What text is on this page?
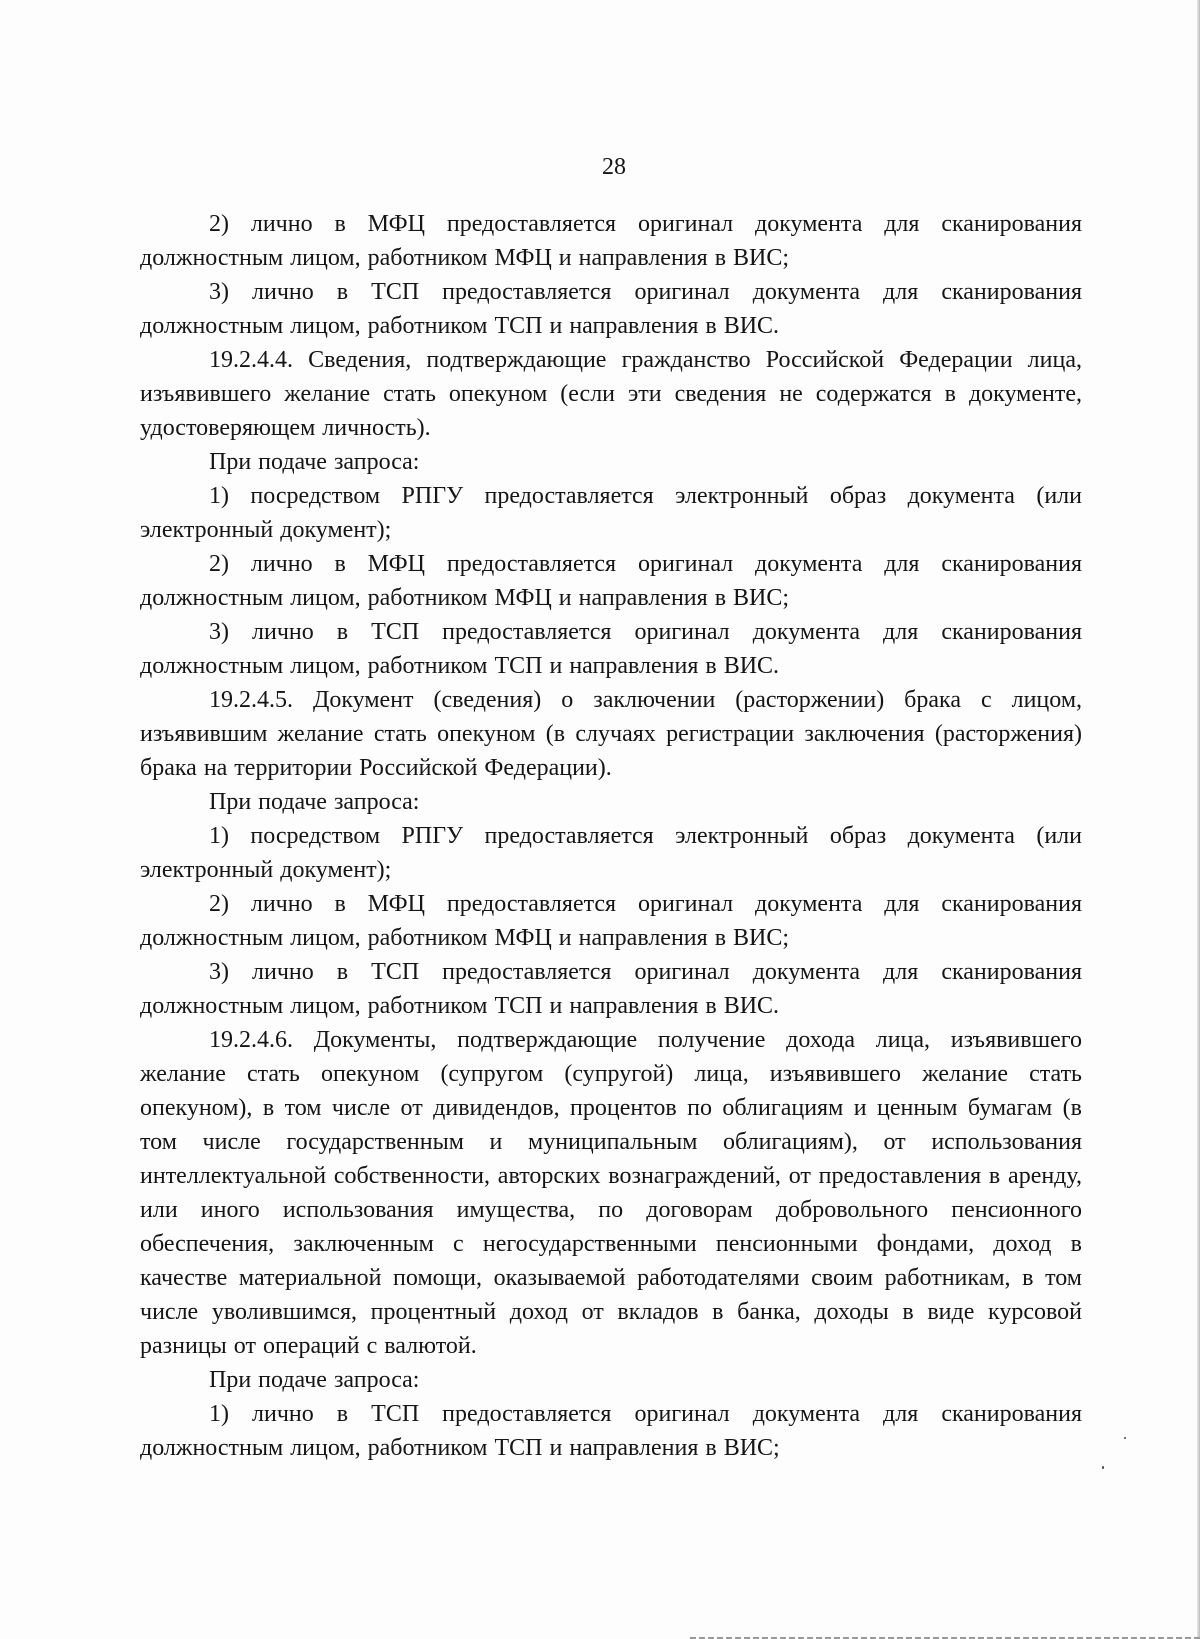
28

2) лично в МФЦ предоставляется оригинал документа для сканирования должностным лицом, работником МФЦ и направления в ВИС;

3) лично в ТСП предоставляется оригинал документа для сканирования должностным лицом, работником ТСП и направления в ВИС.

19.2.4.4. Сведения, подтверждающие гражданство Российской Федерации лица, изъявившего желание стать опекуном (если эти сведения не содержатся в документе, удостоверяющем личность).

При подаче запроса:

1) посредством РПГУ предоставляется электронный образ документа (или электронный документ);

2) лично в МФЦ предоставляется оригинал документа для сканирования должностным лицом, работником МФЦ и направления в ВИС;

3) лично в ТСП предоставляется оригинал документа для сканирования должностным лицом, работником ТСП и направления в ВИС.

19.2.4.5. Документ (сведения) о заключении (расторжении) брака с лицом, изъявившим желание стать опекуном (в случаях регистрации заключения (расторжения) брака на территории Российской Федерации).

При подаче запроса:

1) посредством РПГУ предоставляется электронный образ документа (или электронный документ);

2) лично в МФЦ предоставляется оригинал документа для сканирования должностным лицом, работником МФЦ и направления в ВИС;

3) лично в ТСП предоставляется оригинал документа для сканирования должностным лицом, работником ТСП и направления в ВИС.

19.2.4.6. Документы, подтверждающие получение дохода лица, изъявившего желание стать опекуном (супругом (супругой) лица, изъявившего желание стать опекуном), в том числе от дивидендов, процентов по облигациям и ценным бумагам (в том числе государственным и муниципальным облигациям), от использования интеллектуальной собственности, авторских вознаграждений, от предоставления в аренду, или иного использования имущества, по договорам добровольного пенсионного обеспечения, заключенным с негосударственными пенсионными фондами, доход в качестве материальной помощи, оказываемой работодателями своим работникам, в том числе уволившимся, процентный доход от вкладов в банка, доходы в виде курсовой разницы от операций с валютой.

При подаче запроса:

1) лично в ТСП предоставляется оригинал документа для сканирования должностным лицом, работником ТСП и направления в ВИС;
